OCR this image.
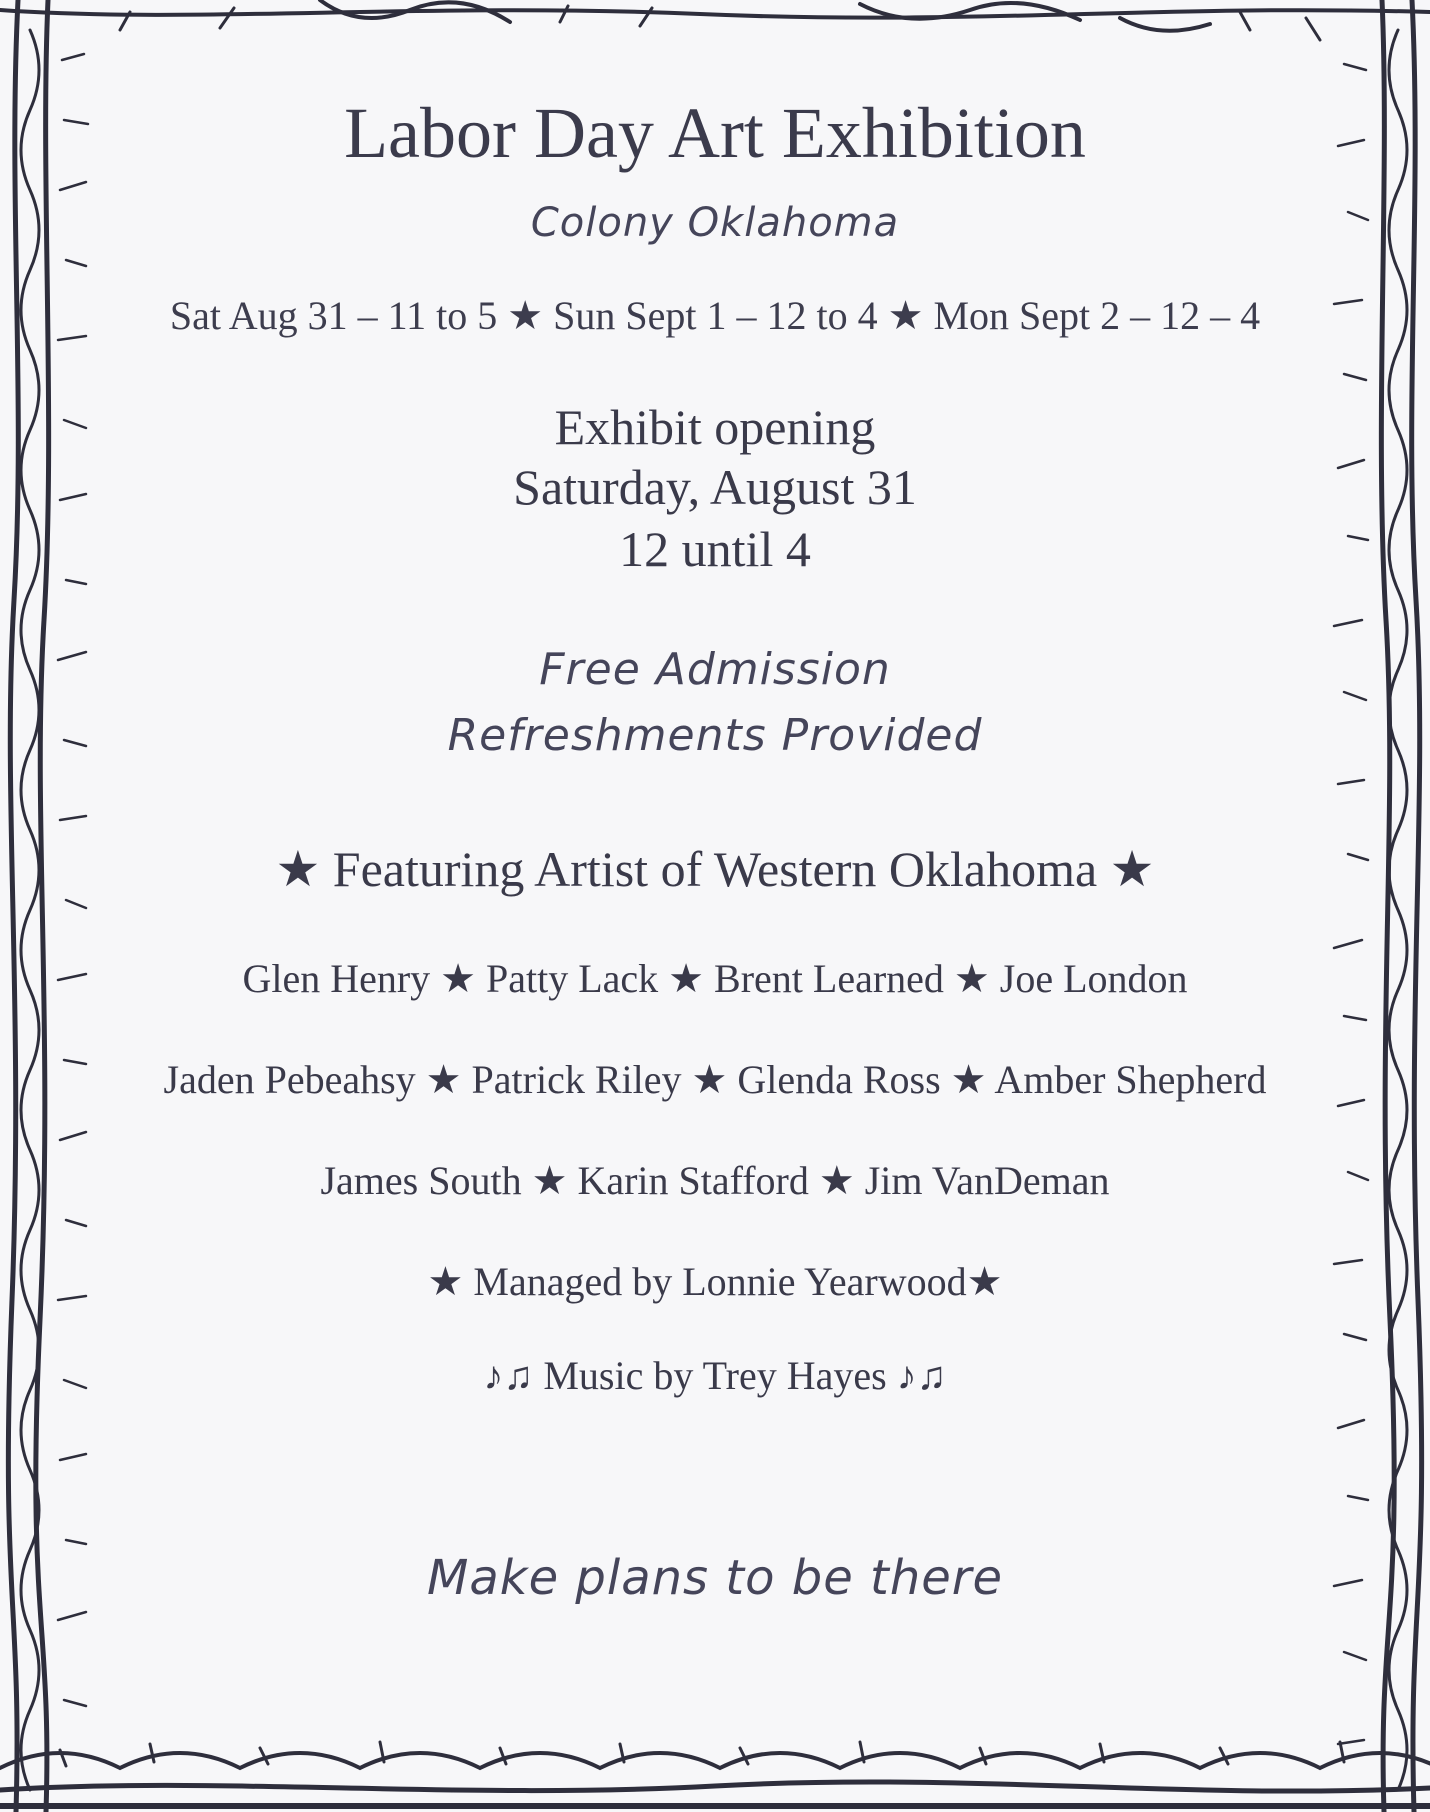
Labor Day Art Exhibition
Colony Oklahoma
Sat Aug 31 – 11 to 5 ★ Sun Sept 1 – 12 to 4 ★ Mon Sept 2 – 12 – 4
Exhibit opening
Saturday, August 31
12 until 4
Free Admission
Refreshments Provided
★ Featuring Artist of Western Oklahoma ★
Glen Henry ★ Patty Lack ★ Brent Learned ★ Joe London
Jaden Pebeahsy ★ Patrick Riley ★ Glenda Ross ★ Amber Shepherd
James South ★ Karin Stafford ★ Jim VanDeman
★ Managed by Lonnie Yearwood★
♪♫ Music by Trey Hayes ♪♫
Make plans to be there
